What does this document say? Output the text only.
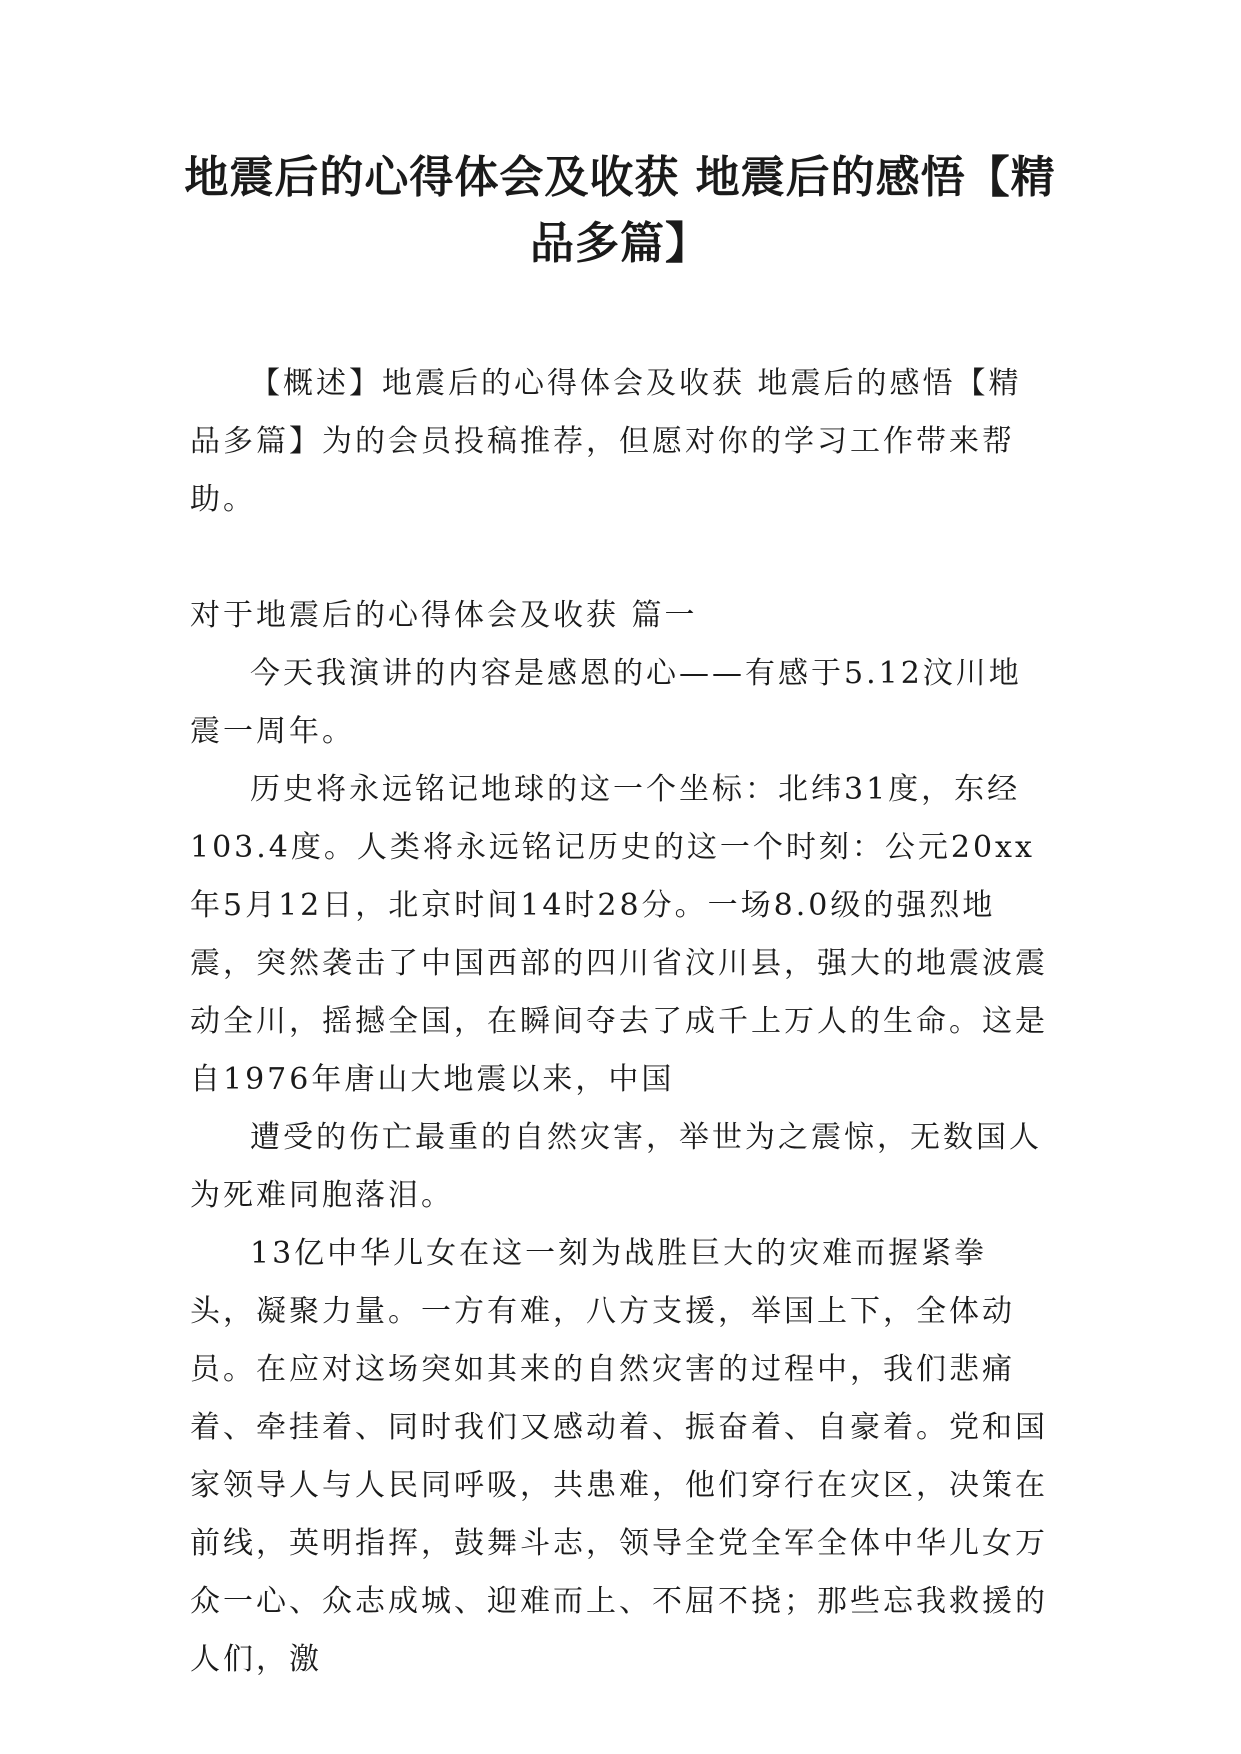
地震后的心得体会及收获 地震后的感悟【精品多篇】

【概述】地震后的心得体会及收获 地震后的感悟【精品多篇】为的会员投稿推荐，但愿对你的学习工作带来帮助。

对于地震后的心得体会及收获 篇一

今天我演讲的内容是感恩的心——有感于5.12汶川地震一周年。

历史将永远铭记地球的这一个坐标：北纬31度，东经103.4度。人类将永远铭记历史的这一个时刻：公元20xx年5月12日，北京时间14时28分。一场8.0级的强烈地震，突然袭击了中国西部的四川省汶川县，强大的地震波震动全川，摇撼全国，在瞬间夺去了成千上万人的生命。这是自1976年唐山大地震以来，中国

遭受的伤亡最重的自然灾害，举世为之震惊，无数国人为死难同胞落泪。

13亿中华儿女在这一刻为战胜巨大的灾难而握紧拳头，凝聚力量。一方有难，八方支援，举国上下，全体动员。在应对这场突如其来的自然灾害的过程中，我们悲痛着、牵挂着、同时我们又感动着、振奋着、自豪着。党和国家领导人与人民同呼吸，共患难，他们穿行在灾区，决策在前线，英明指挥，鼓舞斗志，领导全党全军全体中华儿女万众一心、众志成城、迎难而上、不屈不挠；那些忘我救援的人们，激
